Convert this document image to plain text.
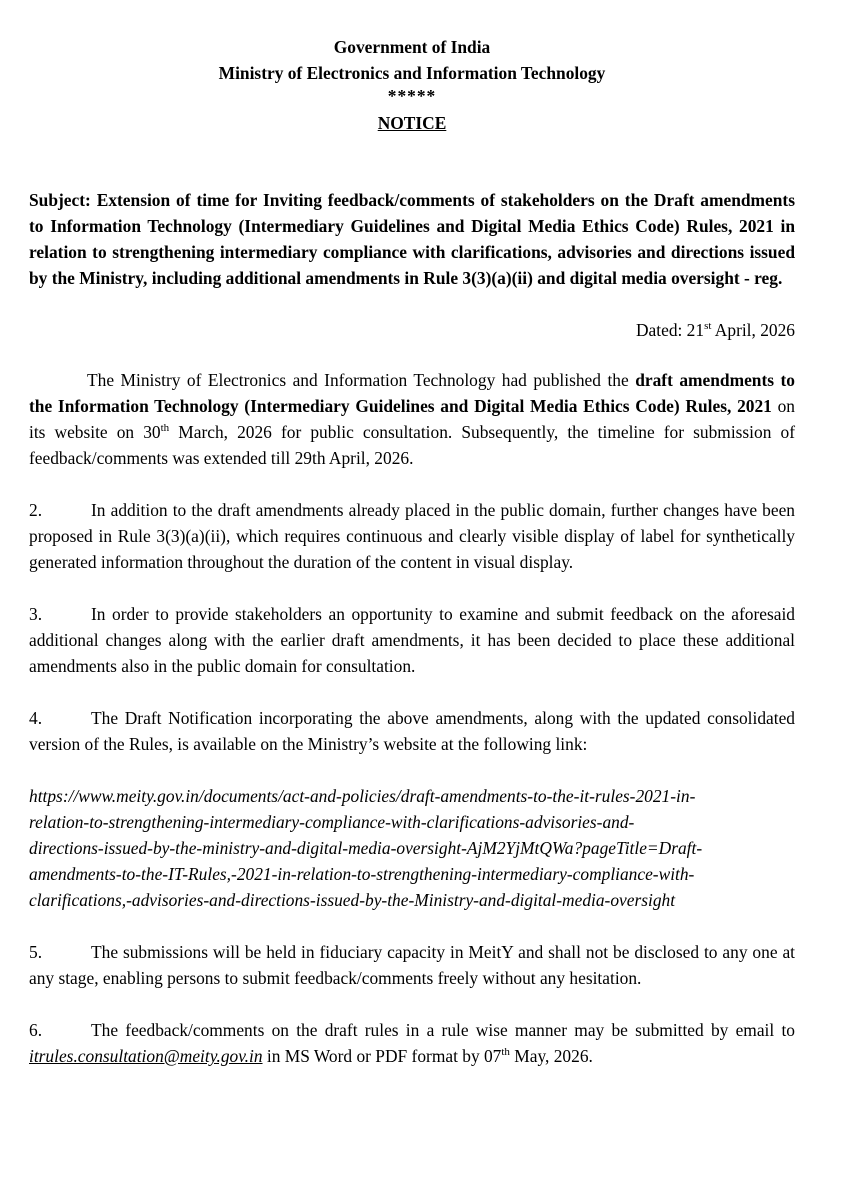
Government of India
Ministry of Electronics and Information Technology
*****
NOTICE
Subject: Extension of time for Inviting feedback/comments of stakeholders on the Draft amendments to Information Technology (Intermediary Guidelines and Digital Media Ethics Code) Rules, 2021 in relation to strengthening intermediary compliance with clarifications, advisories and directions issued by the Ministry, including additional amendments in Rule 3(3)(a)(ii) and digital media oversight - reg.
Dated: 21st April, 2026
The Ministry of Electronics and Information Technology had published the draft amendments to the Information Technology (Intermediary Guidelines and Digital Media Ethics Code) Rules, 2021 on its website on 30th March, 2026 for public consultation. Subsequently, the timeline for submission of feedback/comments was extended till 29th April, 2026.
2.	In addition to the draft amendments already placed in the public domain, further changes have been proposed in Rule 3(3)(a)(ii), which requires continuous and clearly visible display of label for synthetically generated information throughout the duration of the content in visual display.
3.	In order to provide stakeholders an opportunity to examine and submit feedback on the aforesaid additional changes along with the earlier draft amendments, it has been decided to place these additional amendments also in the public domain for consultation.
4.	The Draft Notification incorporating the above amendments, along with the updated consolidated version of the Rules, is available on the Ministry’s website at the following link:
https://www.meity.gov.in/documents/act-and-policies/draft-amendments-to-the-it-rules-2021-in-
relation-to-strengthening-intermediary-compliance-with-clarifications-advisories-and-
directions-issued-by-the-ministry-and-digital-media-oversight-AjM2YjMtQWa?pageTitle=Draft-
amendments-to-the-IT-Rules,-2021-in-relation-to-strengthening-intermediary-compliance-with-
clarifications,-advisories-and-directions-issued-by-the-Ministry-and-digital-media-oversight
5.	The submissions will be held in fiduciary capacity in MeitY and shall not be disclosed to any one at any stage, enabling persons to submit feedback/comments freely without any hesitation.
6.	The feedback/comments on the draft rules in a rule wise manner may be submitted by email to itrules.consultation@meity.gov.in in MS Word or PDF format by 07th May, 2026.
